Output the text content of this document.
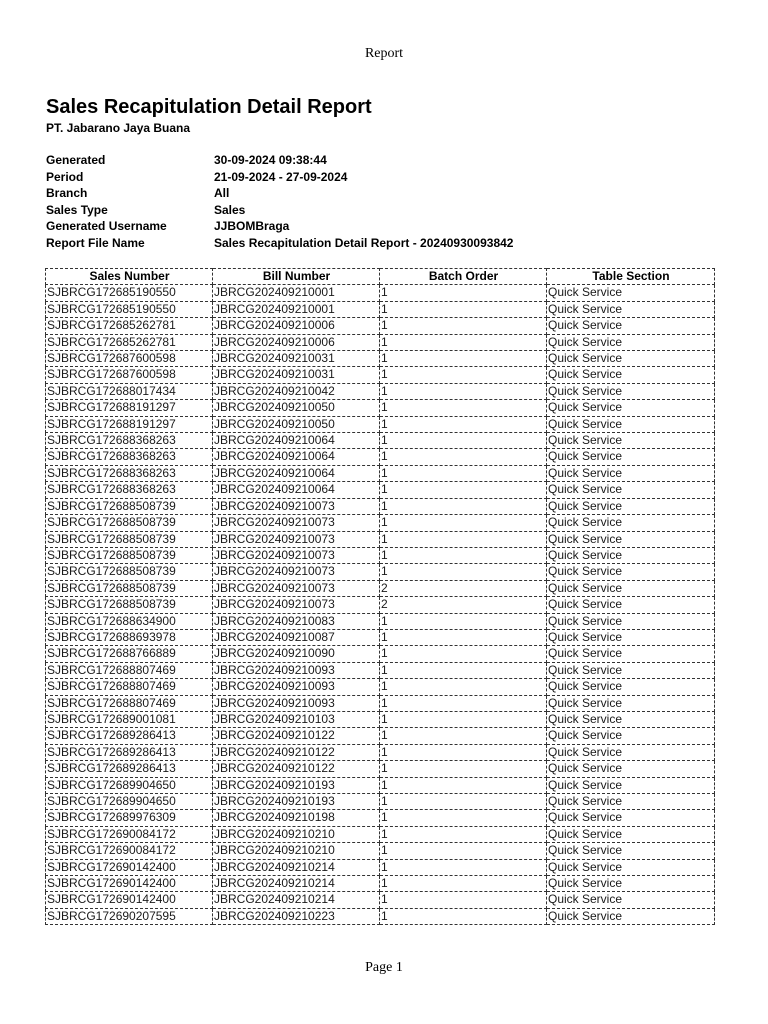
Report
Sales Recapitulation Detail Report
PT. Jabarano Jaya Buana
Generated	30-09-2024 09:38:44
Period	21-09-2024 - 27-09-2024
Branch	All
Sales Type	Sales
Generated Username	JJBOMBraga
Report File Name	Sales Recapitulation Detail Report - 20240930093842
Sales Number	Bill Number	Batch Order	Table Section
SJBRCG172685190550	JBRCG202409210001	1	Quick Service
SJBRCG172685190550	JBRCG202409210001	1	Quick Service
SJBRCG172685262781	JBRCG202409210006	1	Quick Service
SJBRCG172685262781	JBRCG202409210006	1	Quick Service
SJBRCG172687600598	JBRCG202409210031	1	Quick Service
SJBRCG172687600598	JBRCG202409210031	1	Quick Service
SJBRCG172688017434	JBRCG202409210042	1	Quick Service
SJBRCG172688191297	JBRCG202409210050	1	Quick Service
SJBRCG172688191297	JBRCG202409210050	1	Quick Service
SJBRCG172688368263	JBRCG202409210064	1	Quick Service
SJBRCG172688368263	JBRCG202409210064	1	Quick Service
SJBRCG172688368263	JBRCG202409210064	1	Quick Service
SJBRCG172688368263	JBRCG202409210064	1	Quick Service
SJBRCG172688508739	JBRCG202409210073	1	Quick Service
SJBRCG172688508739	JBRCG202409210073	1	Quick Service
SJBRCG172688508739	JBRCG202409210073	1	Quick Service
SJBRCG172688508739	JBRCG202409210073	1	Quick Service
SJBRCG172688508739	JBRCG202409210073	1	Quick Service
SJBRCG172688508739	JBRCG202409210073	2	Quick Service
SJBRCG172688508739	JBRCG202409210073	2	Quick Service
SJBRCG172688634900	JBRCG202409210083	1	Quick Service
SJBRCG172688693978	JBRCG202409210087	1	Quick Service
SJBRCG172688766889	JBRCG202409210090	1	Quick Service
SJBRCG172688807469	JBRCG202409210093	1	Quick Service
SJBRCG172688807469	JBRCG202409210093	1	Quick Service
SJBRCG172688807469	JBRCG202409210093	1	Quick Service
SJBRCG172689001081	JBRCG202409210103	1	Quick Service
SJBRCG172689286413	JBRCG202409210122	1	Quick Service
SJBRCG172689286413	JBRCG202409210122	1	Quick Service
SJBRCG172689286413	JBRCG202409210122	1	Quick Service
SJBRCG172689904650	JBRCG202409210193	1	Quick Service
SJBRCG172689904650	JBRCG202409210193	1	Quick Service
SJBRCG172689976309	JBRCG202409210198	1	Quick Service
SJBRCG172690084172	JBRCG202409210210	1	Quick Service
SJBRCG172690084172	JBRCG202409210210	1	Quick Service
SJBRCG172690142400	JBRCG202409210214	1	Quick Service
SJBRCG172690142400	JBRCG202409210214	1	Quick Service
SJBRCG172690142400	JBRCG202409210214	1	Quick Service
SJBRCG172690207595	JBRCG202409210223	1	Quick Service
Page 1
